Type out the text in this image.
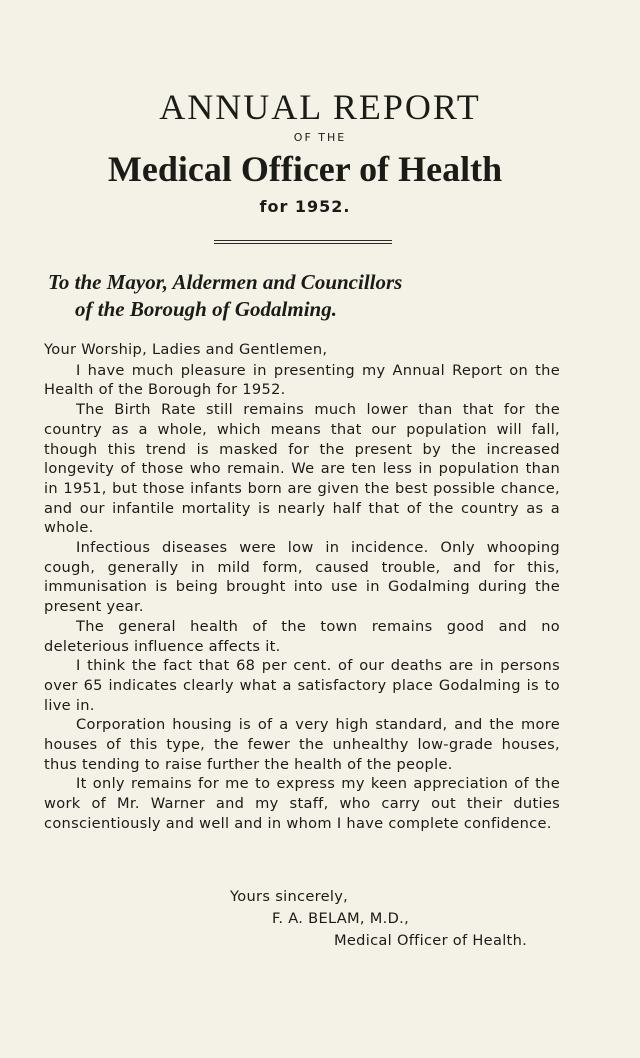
ANNUAL REPORT
OF THE
Medical Officer of Health
for 1952.
To the Mayor, Aldermen and Councillors
of the Borough of Godalming.

Your Worship, Ladies and Gentlemen,

I have much pleasure in presenting my Annual Report on the Health of the Borough for 1952.

The Birth Rate still remains much lower than that for the country as a whole, which means that our population will fall, though this trend is masked for the present by the increased longevity of those who remain. We are ten less in population than in 1951, but those infants born are given the best possible chance, and our infantile mortality is nearly half that of the country as a whole.

Infectious diseases were low in incidence. Only whooping cough, generally in mild form, caused trouble, and for this, immunisation is being brought into use in Godalming during the present year.

The general health of the town remains good and no deleterious influence affects it.

I think the fact that 68 per cent. of our deaths are in persons over 65 indicates clearly what a satisfactory place Godalming is to live in.

Corporation housing is of a very high standard, and the more houses of this type, the fewer the unhealthy low-grade houses, thus tending to raise further the health of the people.

It only remains for me to express my keen appreciation of the work of Mr. Warner and my staff, who carry out their duties conscientiously and well and in whom I have complete confidence.

Yours sincerely,
F. A. BELAM, M.D.,
Medical Officer of Health.
